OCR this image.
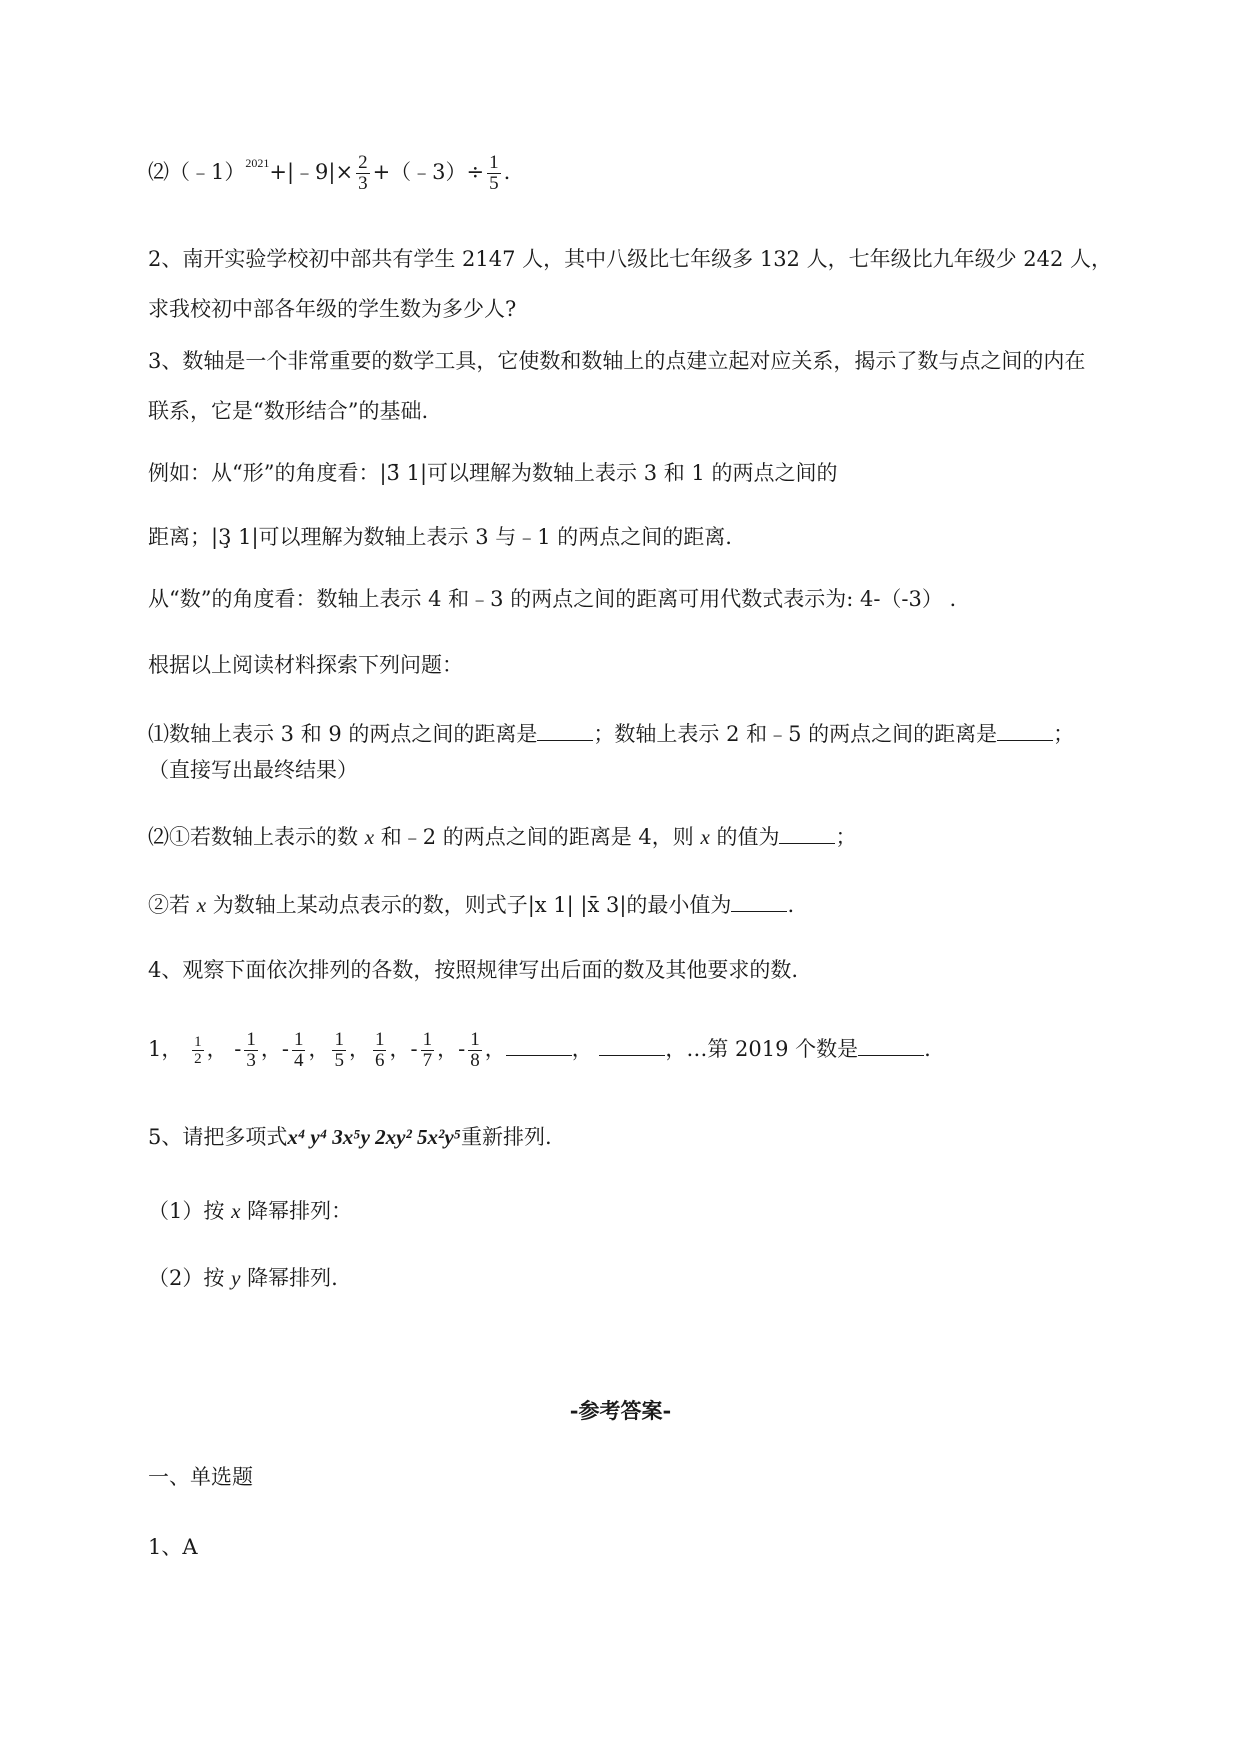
⑵（﹣1）$^{2021}$+|﹣9|× $\frac{2}{3}$ +（﹣3）÷ $\frac{1}{5}$ .
2、南开实验学校初中部共有学生 2147 人，其中八级比七年级多 132 人，七年级比九年级少 242 人，
求我校初中部各年级的学生数为多少人?
3、数轴是一个非常重要的数学工具，它使数和数轴上的点建立起对应关系，揭示了数与点之间的内在
联系，它是“数形结合”的基础.
例如：从“形”的角度看：|3̄ 1|可以理解为数轴上表示 3 和 1 的两点之间的
距离；|3̧ 1|可以理解为数轴上表示 3 与﹣1 的两点之间的距离.
从“数”的角度看：数轴上表示 4 和﹣3 的两点之间的距离可用代数式表示为: 4-（-3） .
根据以上阅读材料探索下列问题：
⑴数轴上表示 3 和 9 的两点之间的距离是	；数轴上表示 2 和﹣5 的两点之间的距离是	；
（直接写出最终结果）
⑵①若数轴上表示的数 x 和﹣2 的两点之间的距离是 4，则 x 的值为	；
②若 x 为数轴上某动点表示的数，则式子|x 1| |x̄ 3|的最小值为	.
4、观察下面依次排列的各数，按照规律写出后面的数及其他要求的数.
1， $\frac{1}{2}$ ， - $\frac{1}{3}$ ，- $\frac{1}{4}$ ， $\frac{1}{5}$ ， $\frac{1}{6}$ ，- $\frac{1}{7}$ ，- $\frac{1}{8}$ ，	，	，…第 2019 个数是	.
5、请把多项式x⁴ y⁴ 3x⁵y 2xy² 5x²y⁵重新排列.
（1）按 x 降幂排列：
（2）按 y 降幂排列.
-参考答案-
一、单选题
1、A
